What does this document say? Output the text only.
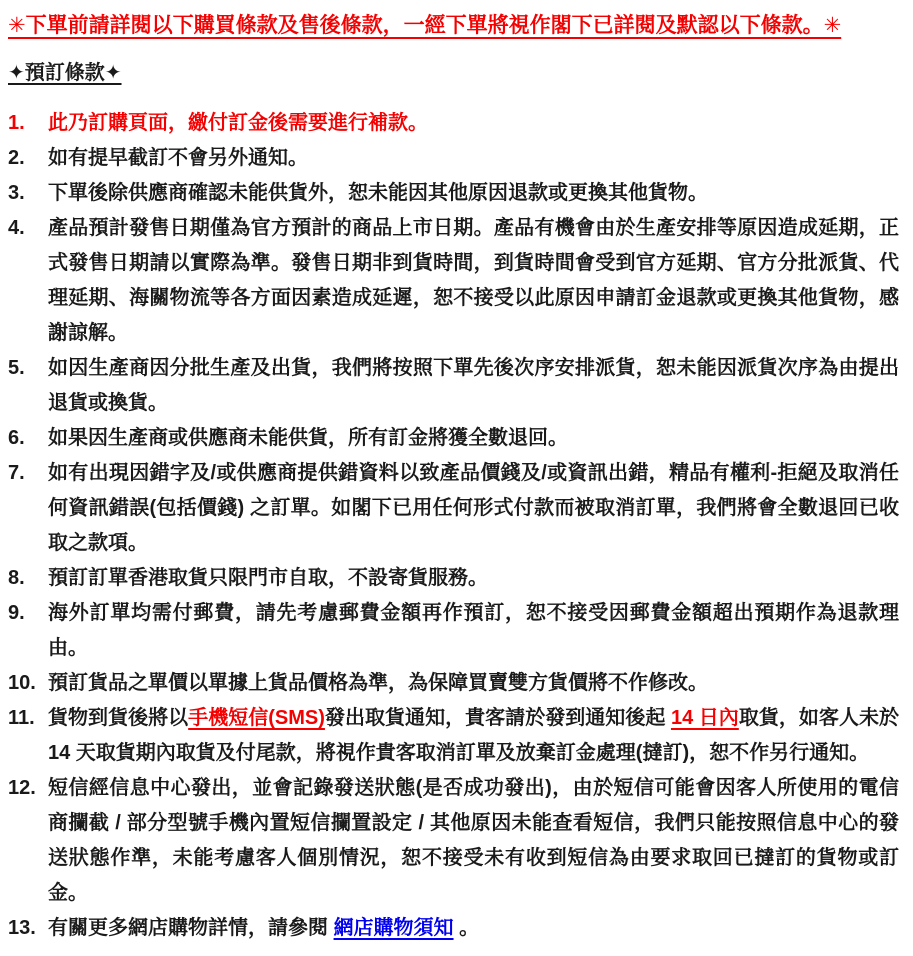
✳下單前請詳閱以下購買條款及售後條款，一經下單將視作閣下已詳閱及默認以下條款。✳
✦預訂條款✦
1.	此乃訂購頁面，繳付訂金後需要進行補款。
2.	如有提早截訂不會另外通知。
3.	下單後除供應商確認未能供貨外，恕未能因其他原因退款或更換其他貨物。
4.	產品預計發售日期僅為官方預計的商品上市日期。產品有機會由於生產安排等原因造成延期，正式發售日期請以實際為準。發售日期非到貨時間，到貨時間會受到官方延期、官方分批派貨、代理延期、海關物流等各方面因素造成延遲，恕不接受以此原因申請訂金退款或更換其他貨物，感謝諒解。
5.	如因生產商因分批生產及出貨，我們將按照下單先後次序安排派貨，恕未能因派貨次序為由提出退貨或換貨。
6.	如果因生產商或供應商未能供貨，所有訂金將獲全數退回。
7.	如有出現因錯字及/或供應商提供錯資料以致產品價錢及/或資訊出錯，精品有權利-拒絕及取消任何資訊錯誤(包括價錢) 之訂單。如閣下已用任何形式付款而被取消訂單，我們將會全數退回已收取之款項。
8.	預訂訂單香港取貨只限門市自取，不設寄貨服務。
9.	海外訂單均需付郵費，請先考慮郵費金額再作預訂，恕不接受因郵費金額超出預期作為退款理由。
10. 預訂貨品之單價以單據上貨品價格為準，為保障買賣雙方貨價將不作修改。
11. 貨物到貨後將以手機短信(SMS)發出取貨通知，貴客請於發到通知後起 14 日內取貨，如客人未於 14 天取貨期內取貨及付尾款，將視作貴客取消訂單及放棄訂金處理(撻訂)，恕不作另行通知。
12. 短信經信息中心發出，並會記錄發送狀態(是否成功發出)，由於短信可能會因客人所使用的電信商攔截 / 部分型號手機內置短信攔置設定 / 其他原因未能查看短信，我們只能按照信息中心的發送狀態作準，未能考慮客人個別情況，恕不接受未有收到短信為由要求取回已撻訂的貨物或訂金。
13. 有關更多網店購物詳情，請參閱 網店購物須知 。
